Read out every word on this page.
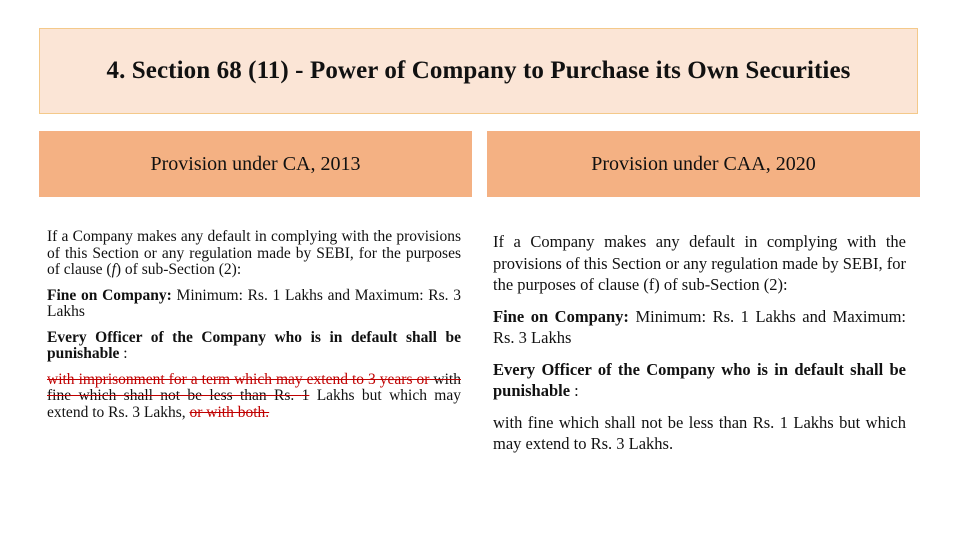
4. Section 68 (11) - Power of Company to Purchase its Own Securities
Provision under CA, 2013	Provision under CAA, 2020

If a Company makes any default in complying with the provisions of this Section or any regulation made by SEBI, for the purposes of clause (f) of sub-Section (2):

Fine on Company: Minimum: Rs. 1 Lakhs and Maximum: Rs. 3 Lakhs

Every Officer of the Company who is in default shall be punishable :

with imprisonment for a term which may extend to 3 years or with fine which shall not be less than Rs. 1 Lakhs but which may extend to Rs. 3 Lakhs, or with both.

If a Company makes any default in complying with the provisions of this Section or any regulation made by SEBI, for the purposes of clause (f) of sub-Section (2):

Fine on Company: Minimum: Rs. 1 Lakhs and Maximum: Rs. 3 Lakhs

Every Officer of the Company who is in default shall be punishable :

with fine which shall not be less than Rs. 1 Lakhs but which may extend to Rs. 3 Lakhs.
